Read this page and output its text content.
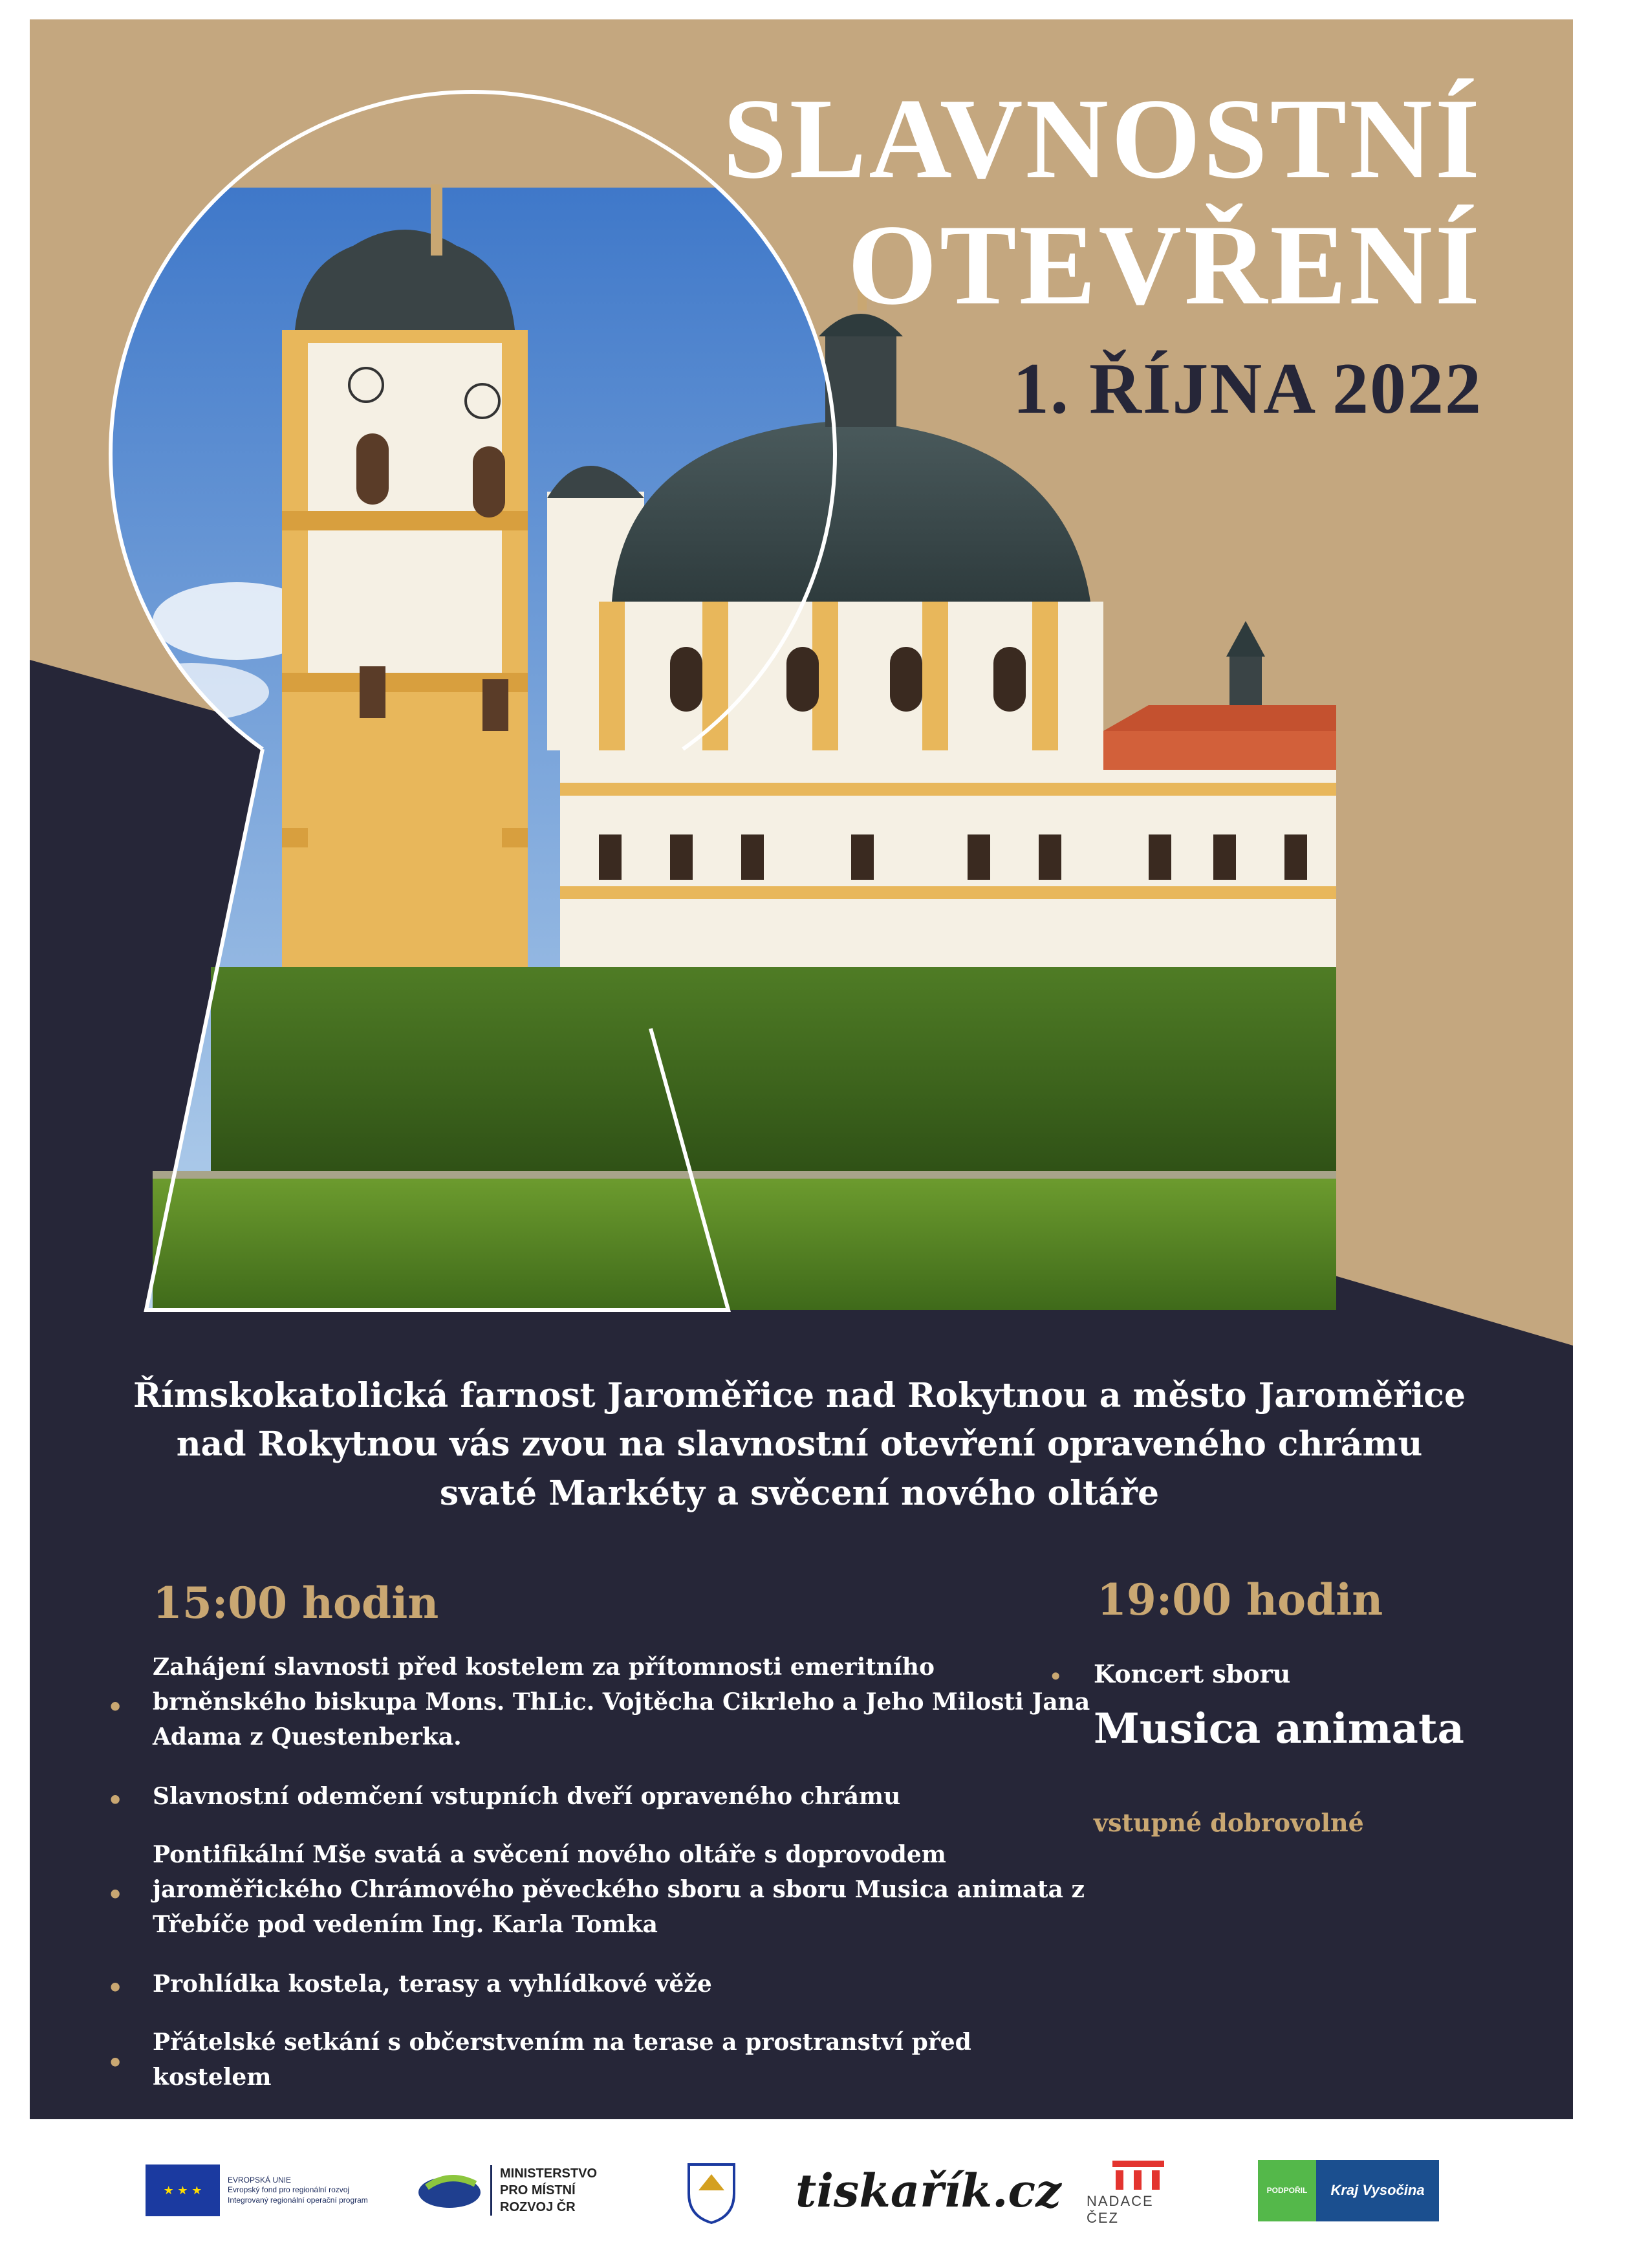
SLAVNOSTNÍ
OTEVŘENÍ
1. ŘÍJNA 2022
Římskokatolická farnost Jaroměřice nad Rokytnou a město Jaroměřice
nad Rokytnou vás zvou na slavnostní otevření opraveného chrámu
svaté Markéty a svěcení nového oltáře
15:00 hodin	19:00 hodin
•
Zahájení slavnosti před kostelem za přítomnosti emeritního brněnského biskupa Mons. ThLic. Vojtěcha Cikrleho a Jeho Milosti Jana Adama z Questenberka.
• Slavnostní odemčení vstupních dveří opraveného chrámu
•
Pontifikální Mše svatá a svěcení nového oltáře s doprovodem jaroměřického Chrámového pěveckého sboru a sboru Musica animata z Třebíče pod vedením Ing. Karla Tomka
• Prohlídka kostela, terasy a vyhlídkové věže
•
Přátelské setkání s občerstvením na terase a prostranství před kostelem
• Koncert sboru
Musica animata
vstupné dobrovolné
★ ★ ★
EVROPSKÁ UNIE
Evropský fond pro regionální rozvoj
Integrovaný regionální operační program
MINISTERSTVO
PRO MÍSTNÍ
ROZVOJ ČR	tiskařík.cz NADACE ČEZ
PODPOŘIL	Kraj Vysočina
